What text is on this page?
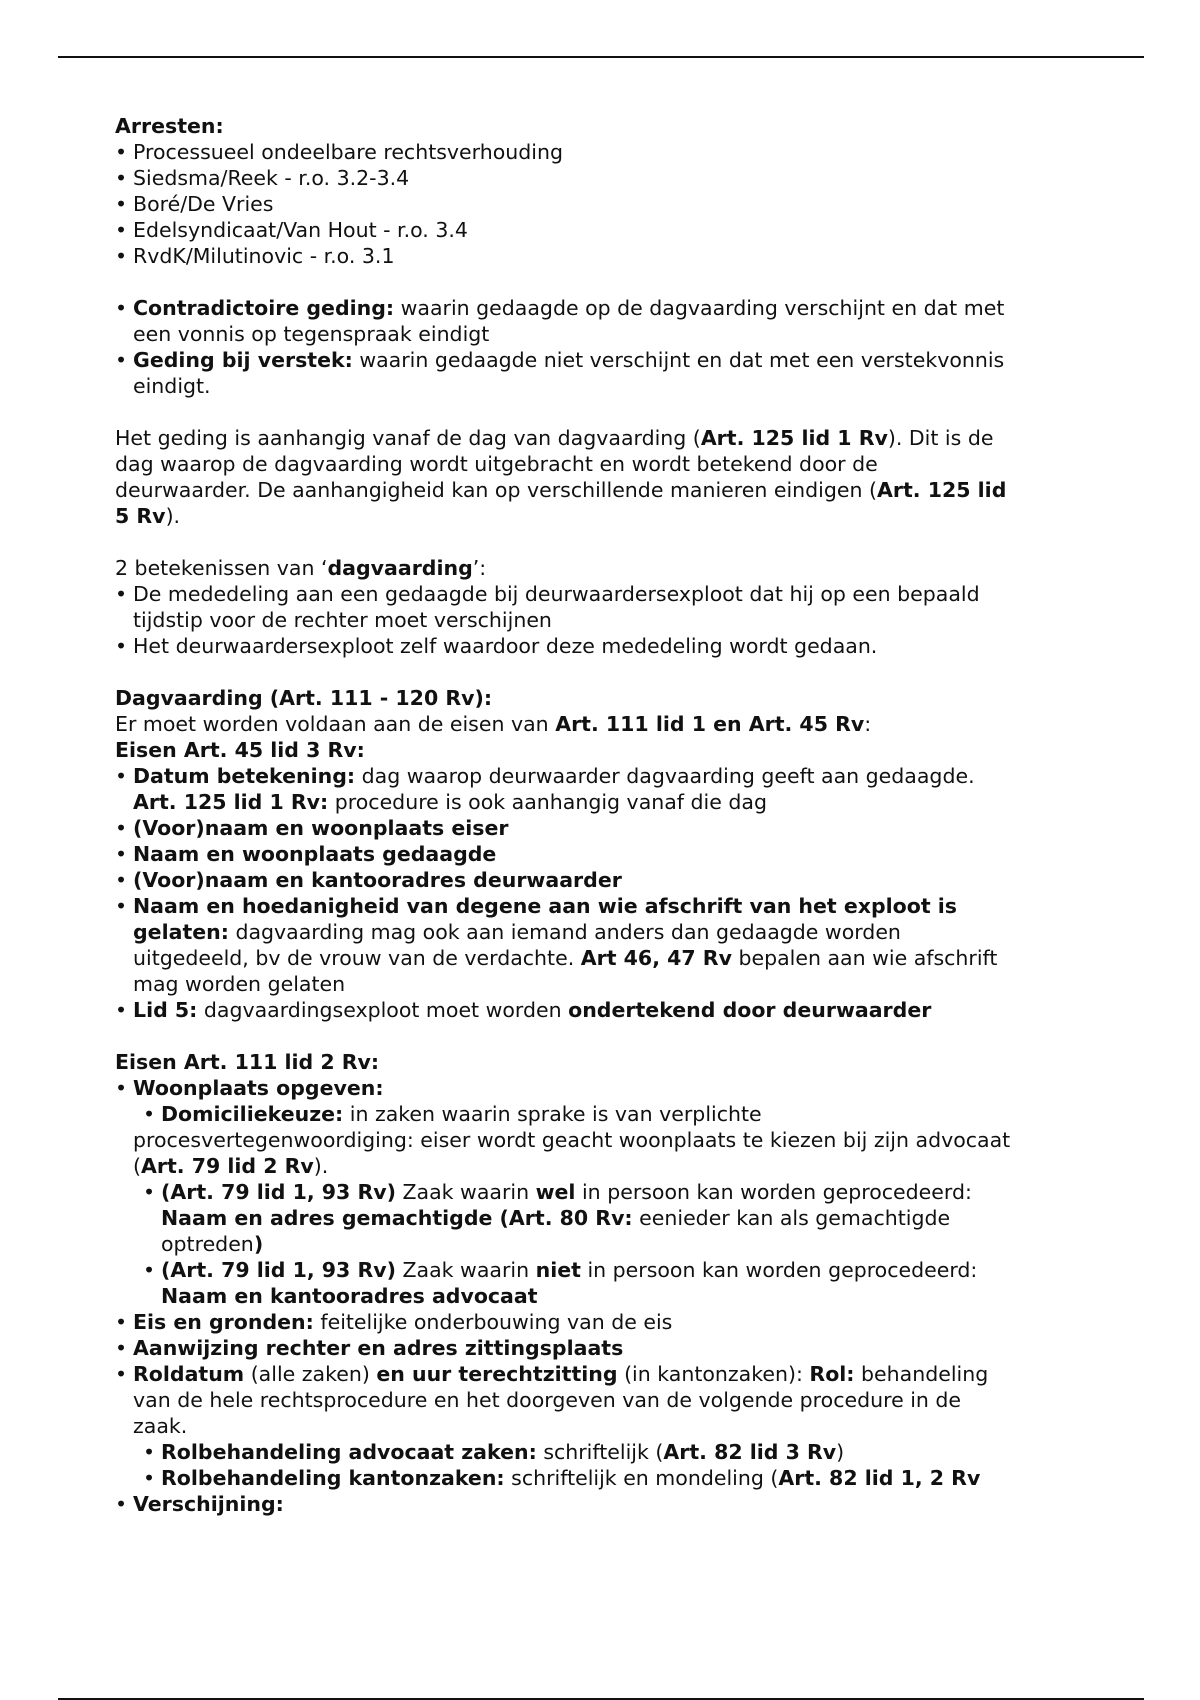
Arresten:
• Processueel ondeelbare rechtsverhouding
• Siedsma/Reek - r.o. 3.2-3.4
• Boré/De Vries
• Edelsyndicaat/Van Hout - r.o. 3.4
• RvdK/Milutinovic - r.o. 3.1
• Contradictoire geding: waarin gedaagde op de dagvaarding verschijnt en dat met
een vonnis op tegenspraak eindigt
• Geding bij verstek: waarin gedaagde niet verschijnt en dat met een verstekvonnis
eindigt.
Het geding is aanhangig vanaf de dag van dagvaarding (Art. 125 lid 1 Rv). Dit is de
dag waarop de dagvaarding wordt uitgebracht en wordt betekend door de
deurwaarder. De aanhangigheid kan op verschillende manieren eindigen (Art. 125 lid
5 Rv).
2 betekenissen van ‘dagvaarding’:
• De mededeling aan een gedaagde bij deurwaardersexploot dat hij op een bepaald
tijdstip voor de rechter moet verschijnen
• Het deurwaardersexploot zelf waardoor deze mededeling wordt gedaan.
Dagvaarding (Art. 111 - 120 Rv):
Er moet worden voldaan aan de eisen van Art. 111 lid 1 en Art. 45 Rv:
Eisen Art. 45 lid 3 Rv:
• Datum betekening: dag waarop deurwaarder dagvaarding geeft aan gedaagde.
Art. 125 lid 1 Rv: procedure is ook aanhangig vanaf die dag
• (Voor)naam en woonplaats eiser
• Naam en woonplaats gedaagde
• (Voor)naam en kantooradres deurwaarder
• Naam en hoedanigheid van degene aan wie afschrift van het exploot is
gelaten: dagvaarding mag ook aan iemand anders dan gedaagde worden
uitgedeeld, bv de vrouw van de verdachte. Art 46, 47 Rv bepalen aan wie afschrift
mag worden gelaten
• Lid 5: dagvaardingsexploot moet worden ondertekend door deurwaarder
Eisen Art. 111 lid 2 Rv:
• Woonplaats opgeven:
• Domiciliekeuze: in zaken waarin sprake is van verplichte
procesvertegenwoordiging: eiser wordt geacht woonplaats te kiezen bij zijn advocaat
(Art. 79 lid 2 Rv).
• (Art. 79 lid 1, 93 Rv) Zaak waarin wel in persoon kan worden geprocedeerd:
Naam en adres gemachtigde (Art. 80 Rv: eenieder kan als gemachtigde
optreden)
• (Art. 79 lid 1, 93 Rv) Zaak waarin niet in persoon kan worden geprocedeerd:
Naam en kantooradres advocaat
• Eis en gronden: feitelijke onderbouwing van de eis
• Aanwijzing rechter en adres zittingsplaats
• Roldatum (alle zaken) en uur terechtzitting (in kantonzaken): Rol: behandeling
van de hele rechtsprocedure en het doorgeven van de volgende procedure in de
zaak.
• Rolbehandeling advocaat zaken: schriftelijk (Art. 82 lid 3 Rv)
• Rolbehandeling kantonzaken: schriftelijk en mondeling (Art. 82 lid 1, 2 Rv
• Verschijning:
